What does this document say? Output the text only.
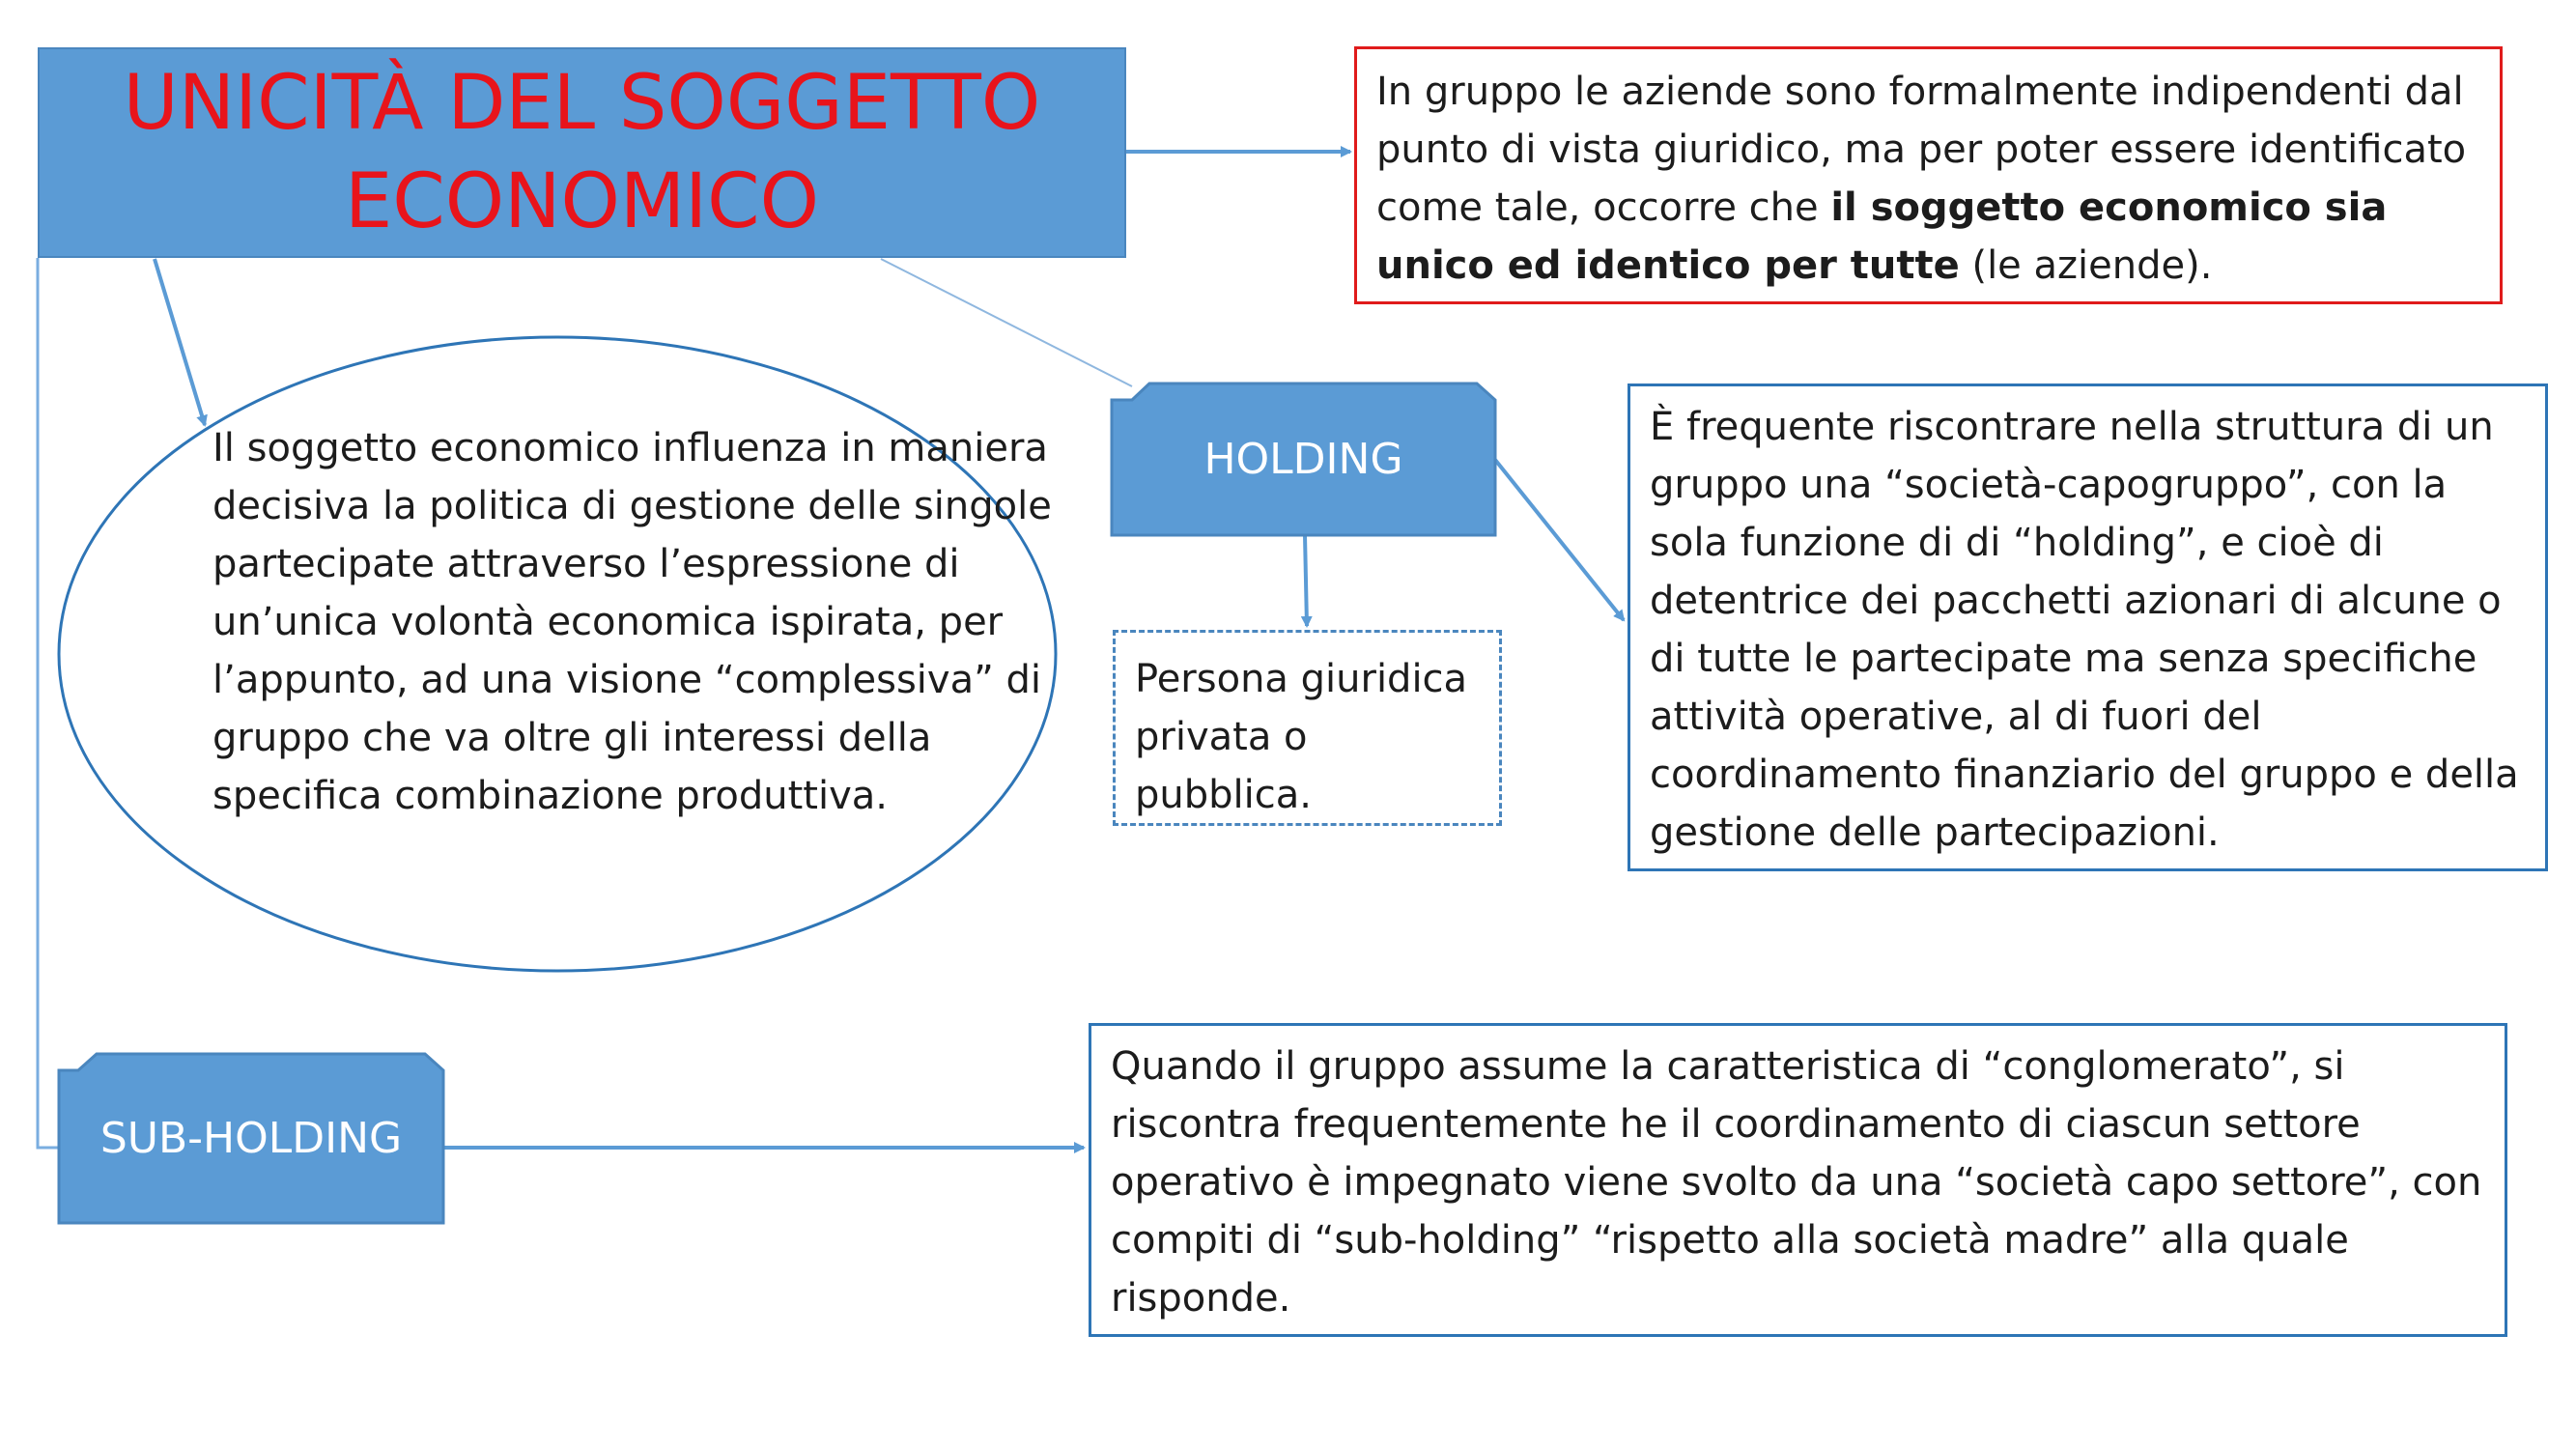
UNICITÀ DEL SOGGETTO
ECONOMICO
In gruppo le aziende sono formalmente indipendenti dal punto di vista giuridico, ma per poter essere identificato come tale, occorre che il soggetto economico sia unico ed identico per tutte (le aziende).
Il soggetto economico influenza in maniera decisiva la politica di gestione delle singole partecipate attraverso l’espressione di un’unica volontà economica ispirata, per l’appunto, ad una visione “complessiva” di gruppo che va oltre gli interessi della specifica combinazione produttiva.
HOLDING
Persona giuridica privata o pubblica.
È frequente riscontrare nella struttura di un gruppo una “società-capogruppo”, con la sola funzione di di “holding”, e cioè di detentrice dei pacchetti azionari di alcune o di tutte le partecipate ma senza specifiche attività operative, al di fuori del coordinamento finanziario del gruppo e della gestione delle partecipazioni.
SUB-HOLDING
Quando il gruppo assume la caratteristica di “conglomerato”, si riscontra frequentemente he il coordinamento di ciascun settore operativo è impegnato viene svolto da una “società capo settore”, con compiti di “sub-holding” “rispetto alla società madre” alla quale risponde.
